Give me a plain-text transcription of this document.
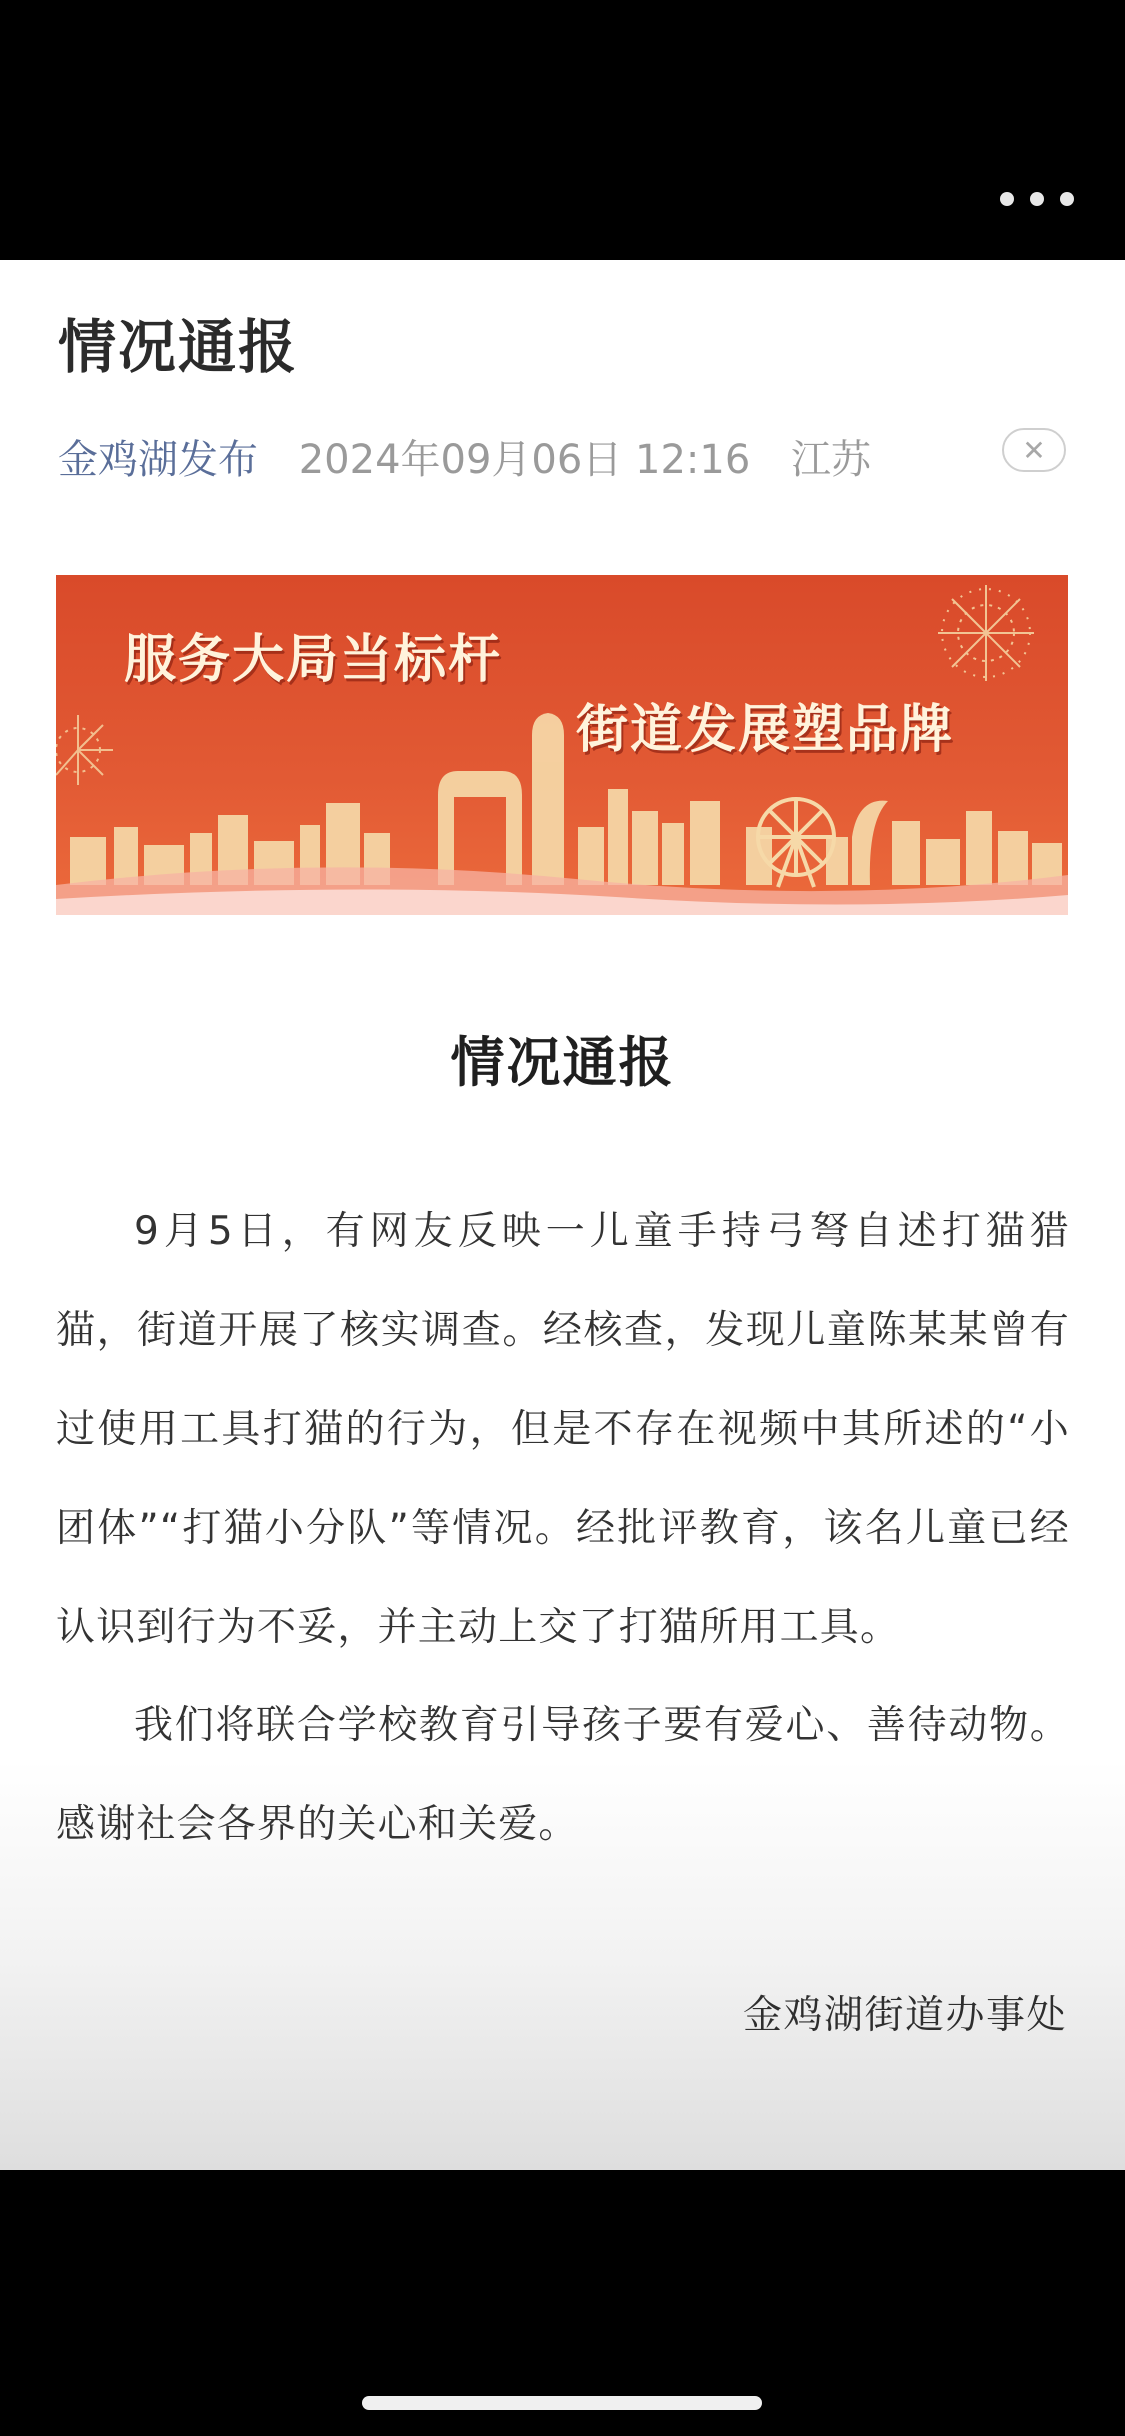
情况通报
金鸡湖发布 2024年09月06日 12:16 江苏	✕
服务大局当标杆
街道发展塑品牌
情况通报

9月5日，有网友反映一儿童手持弓弩自述打猫猎猫，街道开展了核实调查。经核查，发现儿童陈某某曾有过使用工具打猫的行为，但是不存在视频中其所述的“小团体”“打猫小分队”等情况。经批评教育，该名儿童已经认识到行为不妥，并主动上交了打猫所用工具。

我们将联合学校教育引导孩子要有爱心、善待动物。感谢社会各界的关心和关爱。

金鸡湖街道办事处
